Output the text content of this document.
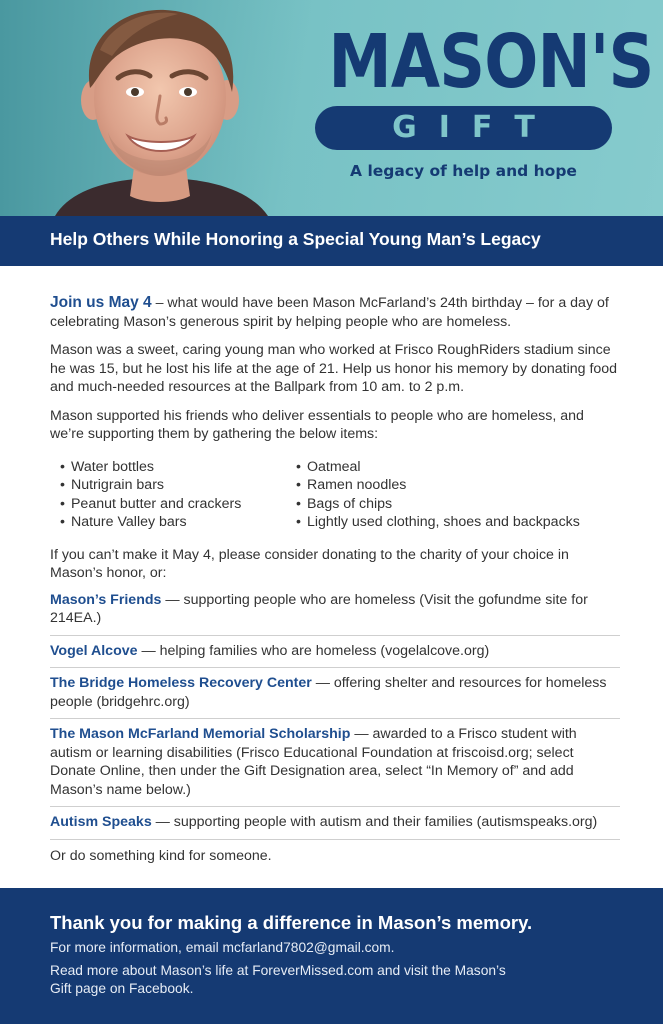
MASON'S
GIFT
A legacy of help and hope
Help Others While Honoring a Special Young Man’s Legacy

Join us May 4 – what would have been Mason McFarland’s 24th birthday – for a day of celebrating Mason’s generous spirit by helping people who are homeless.

Mason was a sweet, caring young man who worked at Frisco RoughRiders stadium since he was 15, but he lost his life at the age of 21. Help us honor his memory by donating food and much-needed resources at the Ballpark from 10 am. to 2 p.m.

Mason supported his friends who deliver essentials to people who are homeless, and we’re supporting them by gathering the below items:

• Water bottles
• Nutrigrain bars
• Peanut butter and crackers
• Nature Valley bars
• Oatmeal
• Ramen noodles
• Bags of chips
• Lightly used clothing, shoes and backpacks

If you can’t make it May 4, please consider donating to the charity of your choice in Mason’s honor, or:

Mason’s Friends — supporting people who are homeless (Visit the gofundme site for 214EA.)
Vogel Alcove — helping families who are homeless (vogelalcove.org)
The Bridge Homeless Recovery Center — offering shelter and resources for homeless people (bridgehrc.org)
The Mason McFarland Memorial Scholarship — awarded to a Frisco student with autism or learning disabilities (Frisco Educational Foundation at friscoisd.org; select Donate Online, then under the Gift Designation area, select “In Memory of” and add Mason’s name below.)
Autism Speaks — supporting people with autism and their families (autismspeaks.org)
Or do something kind for someone.
Thank you for making a difference in Mason’s memory.
For more information, email mcfarland7802@gmail.com.
Read more about Mason’s life at ForeverMissed.com and visit the Mason’s Gift page on Facebook.
